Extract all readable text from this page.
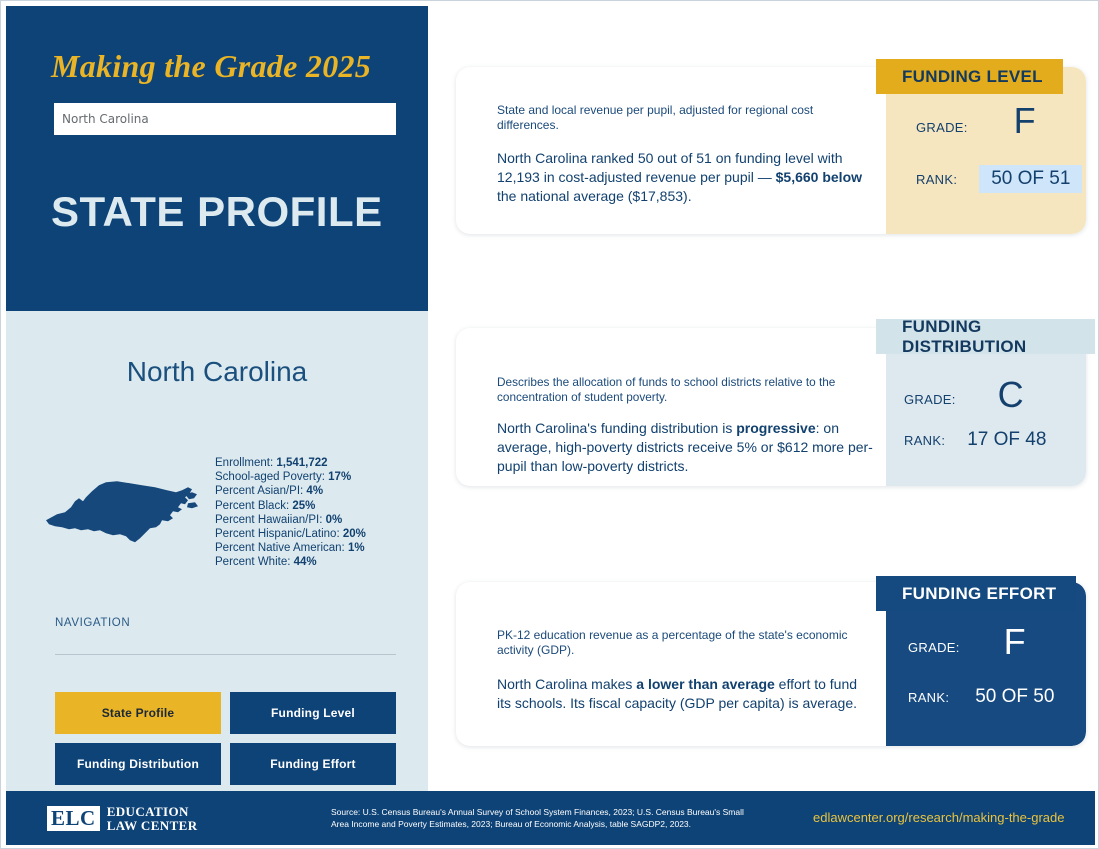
Making the Grade 2025
North Carolina
STATE PROFILE
North Carolina
Enrollment: 1,541,722
School-aged Poverty: 17%
Percent Asian/PI: 4%
Percent Black: 25%
Percent Hawaiian/PI: 0%
Percent Hispanic/Latino: 20%
Percent Native American: 1%
Percent White: 44%
NAVIGATION
State Profile	Funding Level
Funding Distribution	Funding Effort

State and local revenue per pupil, adjusted for regional cost differences.

North Carolina ranked 50 out of 51 on funding level with 12,193 in cost-adjusted revenue per pupil — $5,660 below the national average ($17,853).

GRADE: F
RANK:	50 OF 51
FUNDING LEVEL

Describes the allocation of funds to school districts relative to the concentration of student poverty.

North Carolina's funding distribution is progressive: on average, high-poverty districts receive 5% or $612 more per-pupil than low-poverty districts.

GRADE: C
RANK: 17 OF 48
FUNDING DISTRIBUTION

PK-12 education revenue as a percentage of the state's economic activity (GDP).

North Carolina makes a lower than average effort to fund its schools. Its fiscal capacity (GDP per capita) is average.

GRADE: F
RANK: 50 OF 50
FUNDING EFFORT
ELC EDUCATION
LAW CENTER
Source: U.S. Census Bureau's Annual Survey of School System Finances, 2023; U.S. Census Bureau's Small Area Income and Poverty Estimates, 2023; Bureau of Economic Analysis, table SAGDP2, 2023.	edlawcenter.org/research/making-the-grade
